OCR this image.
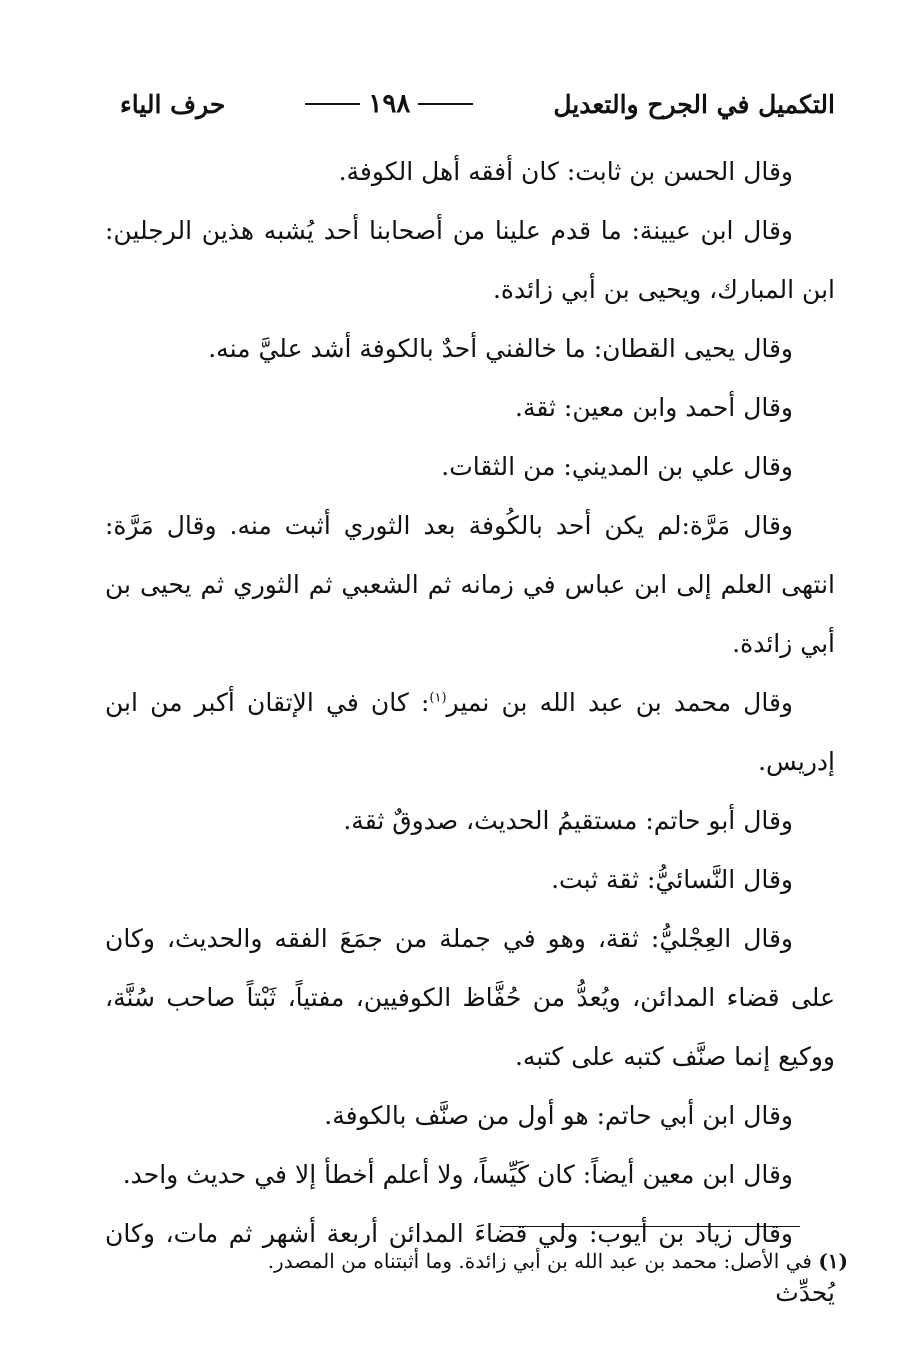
التكميل في الجرح والتعديل
١٩٨
حرف الياء

وقال الحسن بن ثابت: كان أفقه أهل الكوفة.

وقال ابن عيينة: ما قدم علينا من أصحابنا أحد يُشبه هذين الرجلين: ابن المبارك، ويحيى بن أبي زائدة.

وقال يحيى القطان: ما خالفني أحدٌ بالكوفة أشد عليَّ منه.

وقال أحمد وابن معين: ثقة.

وقال علي بن المديني: من الثقات.

وقال مَرَّة:لم يكن أحد بالكُوفة بعد الثوري أثبت منه. وقال مَرَّة: انتهى العلم إلى ابن عباس في زمانه ثم الشعبي ثم الثوري ثم يحيى بن أبي زائدة.

وقال محمد بن عبد الله بن نمير$^{(١)}$: كان في الإتقان أكبر من ابن إدريس.

وقال أبو حاتم: مستقيمُ الحديث، صدوقٌ ثقة.

وقال النَّسائيُّ: ثقة ثبت.

وقال العِجْليُّ: ثقة، وهو في جملة من جمَعَ الفقه والحديث، وكان على قضاء المدائن، ويُعدُّ من حُفَّاظ الكوفيين، مفتياً، ثَبْتاً صاحب سُنَّة، ووكيع إنما صنَّف كتبه على كتبه.

وقال ابن أبي حاتم: هو أول من صنَّف بالكوفة.

وقال ابن معين أيضاً: كان كَيِّساً، ولا أعلم أخطأ إلا في حديث واحد.

وقال زياد بن أيوب: ولي قضاءَ المدائن أربعة أشهر ثم مات، وكان يُحدِّث

(١) في الأصل: محمد بن عبد الله بن أبي زائدة. وما أثبتناه من المصدر.
